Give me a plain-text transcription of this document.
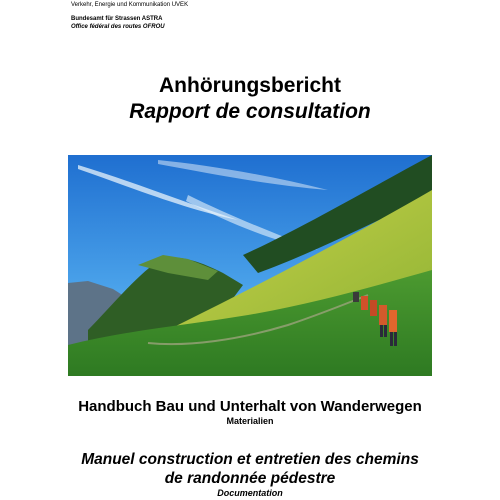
Verkehr, Energie und Kommunikation UVEK
Bundesamt für Strassen ASTRA
Office fédéral des routes OFROU
Anhörungsbericht
Rapport de consultation
Handbuch Bau und Unterhalt von Wanderwegen
Materialien
Manuel construction et entretien des chemins
de randonnée pédestre
Documentation
